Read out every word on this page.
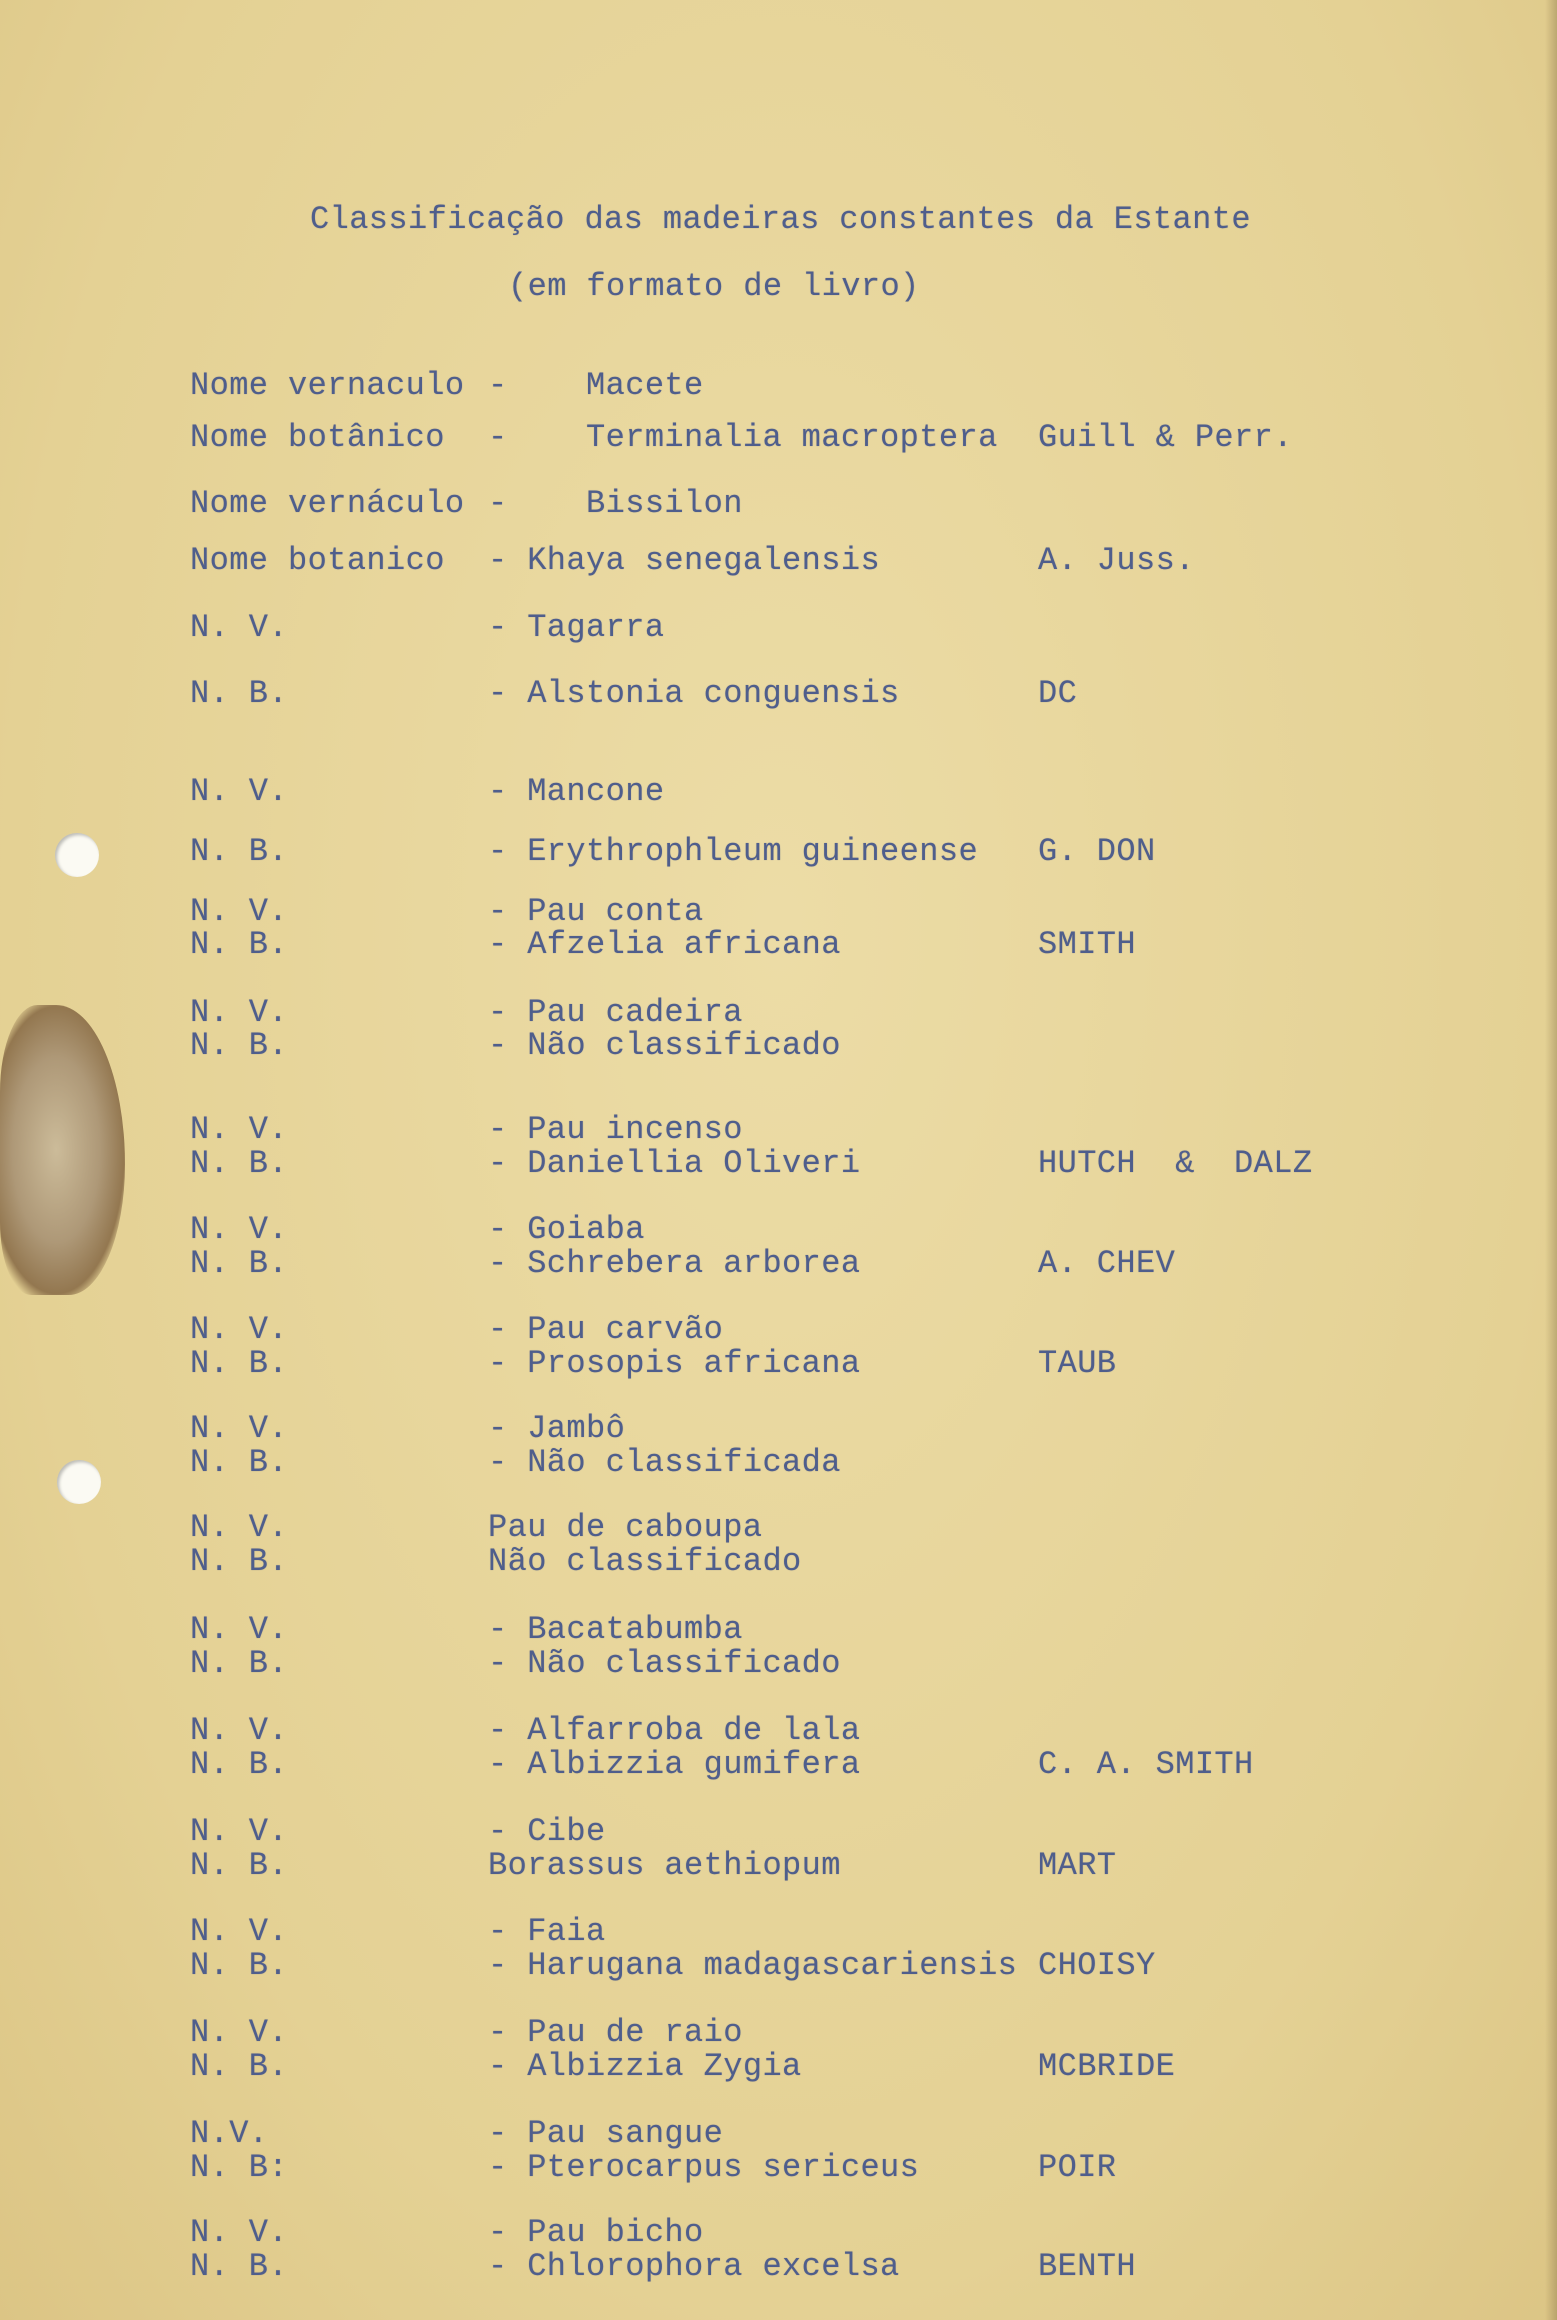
Classificação das madeiras constantes da Estante
(em formato de livro)
Nome vernaculo -    Macete
Nome botânico -    Terminalia macroptera Guill & Perr.
Nome vernáculo -    Bissilon
Nome botanico - Khaya senegalensis	A. Juss.
N. V.	- Tagarra
N. B.	- Alstonia conguensis	DC
N. V.	- Mancone
N. B.	- Erythrophleum guineense G. DON
N. V.	- Pau conta
N. B.	- Afzelia africana	SMITH
N. V.	- Pau cadeira
N. B.	- Não classificado
N. V.	- Pau incenso
N. B.	- Daniellia Oliveri	HUTCH  &  DALZ
N. V.	- Goiaba
N. B.	- Schrebera arborea	A. CHEV
N. V.	- Pau carvão
N. B.	- Prosopis africana	TAUB
N. V.	- Jambô
N. B.	- Não classificada
N. V.	Pau de caboupa
N. B.	Não classificado
N. V.	- Bacatabumba
N. B.	- Não classificado
N. V.	- Alfarroba de lala
N. B.	- Albizzia gumifera	C. A. SMITH
N. V.	- Cibe
N. B.	Borassus aethiopum	MART
N. V.	- Faia
N. B.	- Harugana madagascariensis CHOISY
N. V.	- Pau de raio
N. B.	- Albizzia Zygia	MCBRIDE
N.V.	- Pau sangue
N. B:	- Pterocarpus sericeus	POIR
N. V.	- Pau bicho
N. B.	- Chlorophora excelsa	BENTH
